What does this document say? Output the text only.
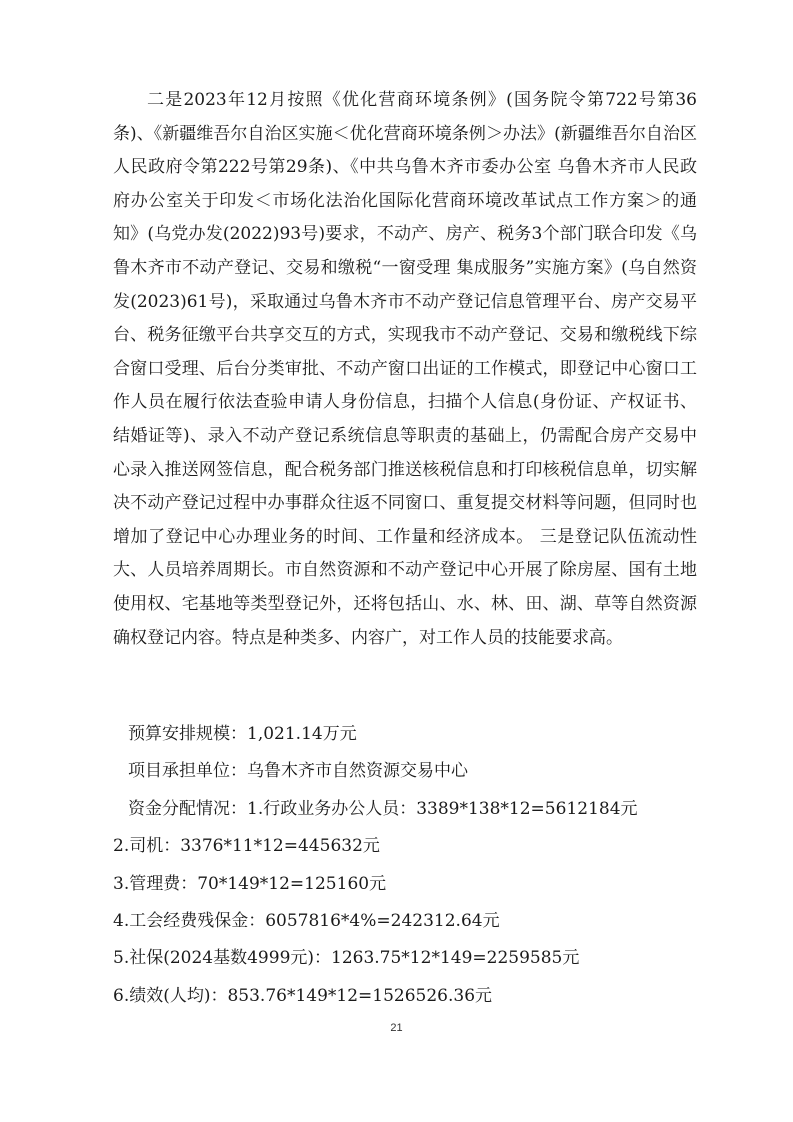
二是2023年12月按照《优化营商环境条例》(国务院令第722号第36条)、《新疆维吾尔自治区实施＜优化营商环境条例＞办法》(新疆维吾尔自治区人民政府令第222号第29条)、《中共乌鲁木齐市委办公室 乌鲁木齐市人民政府办公室关于印发＜市场化法治化国际化营商环境改革试点工作方案＞的通知》(乌党办发(2022)93号)要求，不动产、房产、税务3个部门联合印发《乌鲁木齐市不动产登记、交易和缴税“一窗受理 集成服务”实施方案》(乌自然资发(2023)61号)，采取通过乌鲁木齐市不动产登记信息管理平台、房产交易平台、税务征缴平台共享交互的方式，实现我市不动产登记、交易和缴税线下综合窗口受理、后台分类审批、不动产窗口出证的工作模式，即登记中心窗口工作人员在履行依法查验申请人身份信息，扫描个人信息(身份证、产权证书、结婚证等)、录入不动产登记系统信息等职责的基础上，仍需配合房产交易中心录入推送网签信息，配合税务部门推送核税信息和打印核税信息单，切实解决不动产登记过程中办事群众往返不同窗口、重复提交材料等问题，但同时也增加了登记中心办理业务的时间、工作量和经济成本。 三是登记队伍流动性大、人员培养周期长。市自然资源和不动产登记中心开展了除房屋、国有土地使用权、宅基地等类型登记外，还将包括山、水、林、田、湖、草等自然资源确权登记内容。特点是种类多、内容广，对工作人员的技能要求高。

预算安排规模：1,021.14万元

项目承担单位：乌鲁木齐市自然资源交易中心

资金分配情况：1.行政业务办公人员：3389*138*12=5612184元

2.司机：3376*11*12=445632元

3.管理费：70*149*12=125160元

4.工会经费残保金：6057816*4%=242312.64元

5.社保(2024基数4999元)：1263.75*12*149=2259585元

6.绩效(人均)：853.76*149*12=1526526.36元

21
